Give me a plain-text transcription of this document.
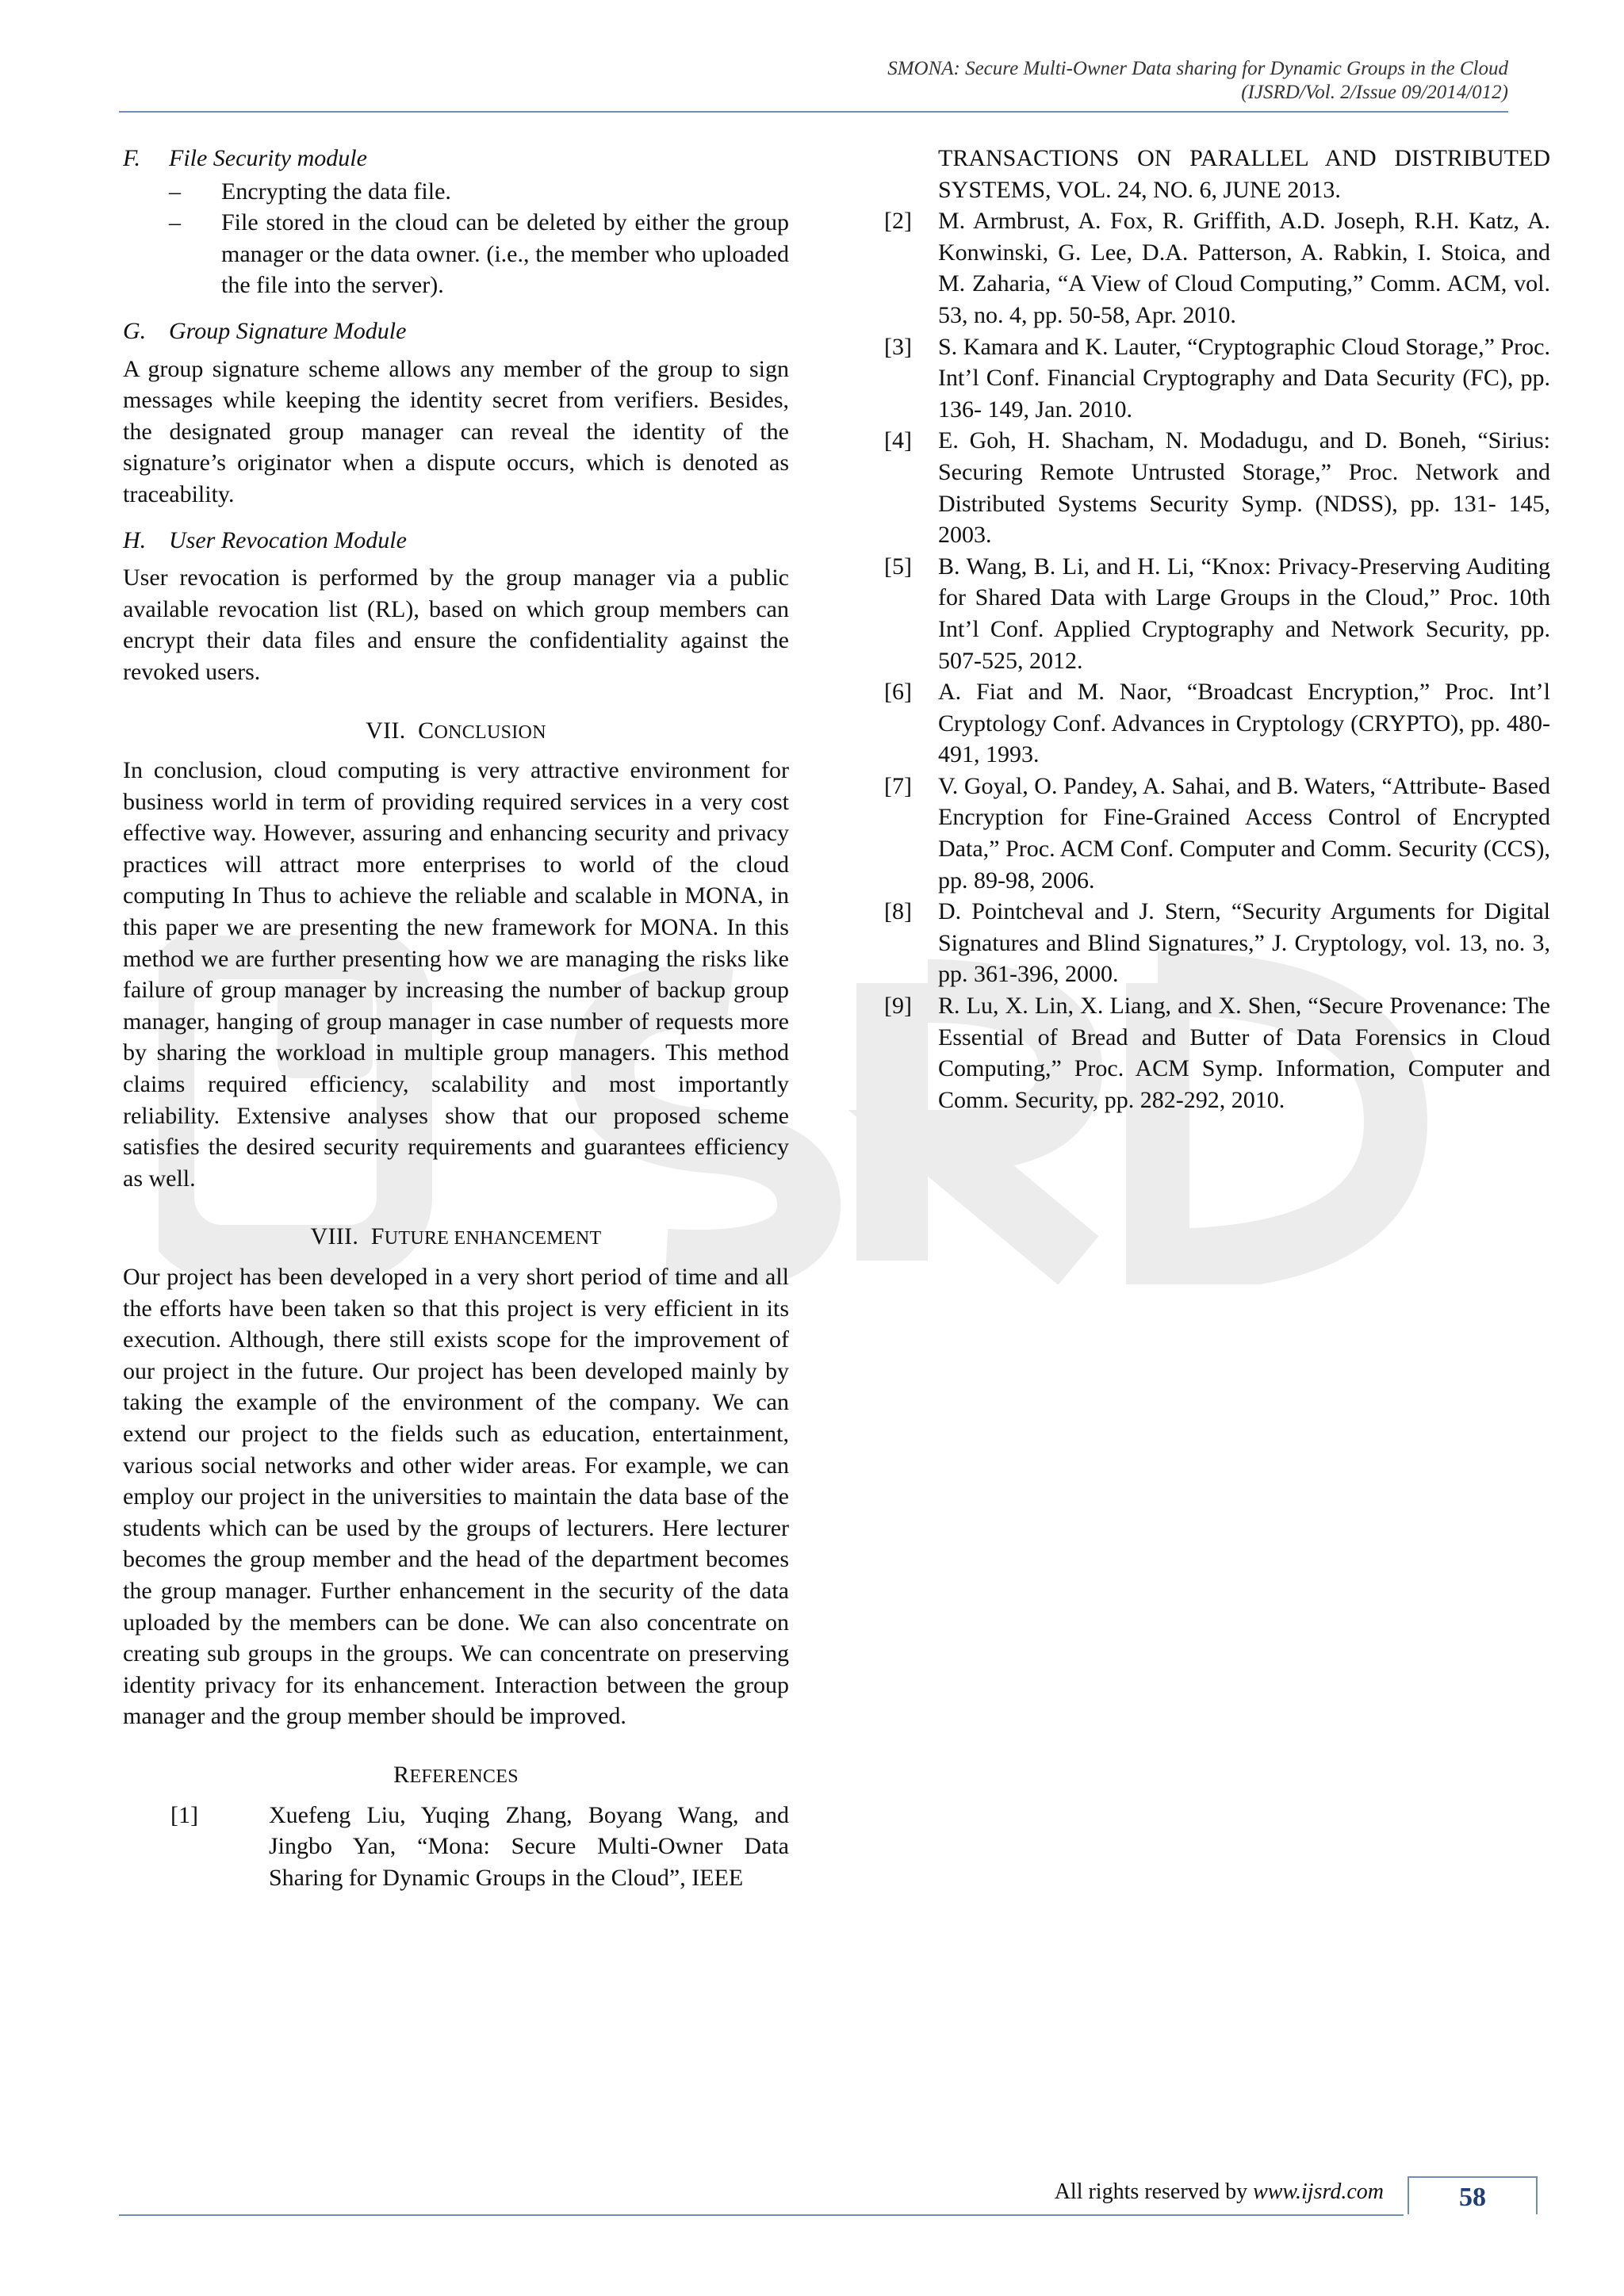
SMONA: Secure Multi-Owner Data sharing for Dynamic Groups in the Cloud
(IJSRD/Vol. 2/Issue 09/2014/012)
F.	File Security module
–	Encrypting the data file.
–	File stored in the cloud can be deleted by either the group manager or the data owner. (i.e., the member who uploaded the file into the server).
G. Group Signature Module

A group signature scheme allows any member of the group to sign messages while keeping the identity secret from verifiers. Besides, the designated group manager can reveal the identity of the signature’s originator when a dispute occurs, which is denoted as traceability.

H. User Revocation Module

User revocation is performed by the group manager via a public available revocation list (RL), based on which group members can encrypt their data files and ensure the confidentiality against the revoked users.

VII. CONCLUSION

In conclusion, cloud computing is very attractive environment for business world in term of providing required services in a very cost effective way. However, assuring and enhancing security and privacy practices will attract more enterprises to world of the cloud computing In Thus to achieve the reliable and scalable in MONA, in this paper we are presenting the new framework for MONA. In this method we are further presenting how we are managing the risks like failure of group manager by increasing the number of backup group manager, hanging of group manager in case number of requests more by sharing the workload in multiple group managers. This method claims required efficiency, scalability and most importantly reliability. Extensive analyses show that our proposed scheme satisfies the desired security requirements and guarantees efficiency as well.

VIII. FUTURE ENHANCEMENT

Our project has been developed in a very short period of time and all the efforts have been taken so that this project is very efficient in its execution. Although, there still exists scope for the improvement of our project in the future. Our project has been developed mainly by taking the example of the environment of the company. We can extend our project to the fields such as education, entertainment, various social networks and other wider areas. For example, we can employ our project in the universities to maintain the data base of the students which can be used by the groups of lecturers. Here lecturer becomes the group member and the head of the department becomes the group manager. Further enhancement in the security of the data uploaded by the members can be done. We can also concentrate on creating sub groups in the groups. We can concentrate on preserving identity privacy for its enhancement. Interaction between the group manager and the group member should be improved.

REFERENCES
[1]	Xuefeng Liu, Yuqing Zhang, Boyang Wang, and Jingbo Yan, “Mona: Secure Multi-Owner Data Sharing for Dynamic Groups in the Cloud”, IEEE

TRANSACTIONS ON PARALLEL AND DISTRIBUTED SYSTEMS, VOL. 24, NO. 6, JUNE 2013.

[2]	M. Armbrust, A. Fox, R. Griffith, A.D. Joseph, R.H. Katz, A. Konwinski, G. Lee, D.A. Patterson, A. Rabkin, I. Stoica, and M. Zaharia, “A View of Cloud Computing,” Comm. ACM, vol. 53, no. 4, pp. 50-58, Apr. 2010.
[3]	S. Kamara and K. Lauter, “Cryptographic Cloud Storage,” Proc. Int’l Conf. Financial Cryptography and Data Security (FC), pp. 136- 149, Jan. 2010.
[4]	E. Goh, H. Shacham, N. Modadugu, and D. Boneh, “Sirius: Securing Remote Untrusted Storage,” Proc. Network and Distributed Systems Security Symp. (NDSS), pp. 131- 145, 2003.
[5]	B. Wang, B. Li, and H. Li, “Knox: Privacy-Preserving Auditing for Shared Data with Large Groups in the Cloud,” Proc. 10th Int’l Conf. Applied Cryptography and Network Security, pp. 507-525, 2012.
[6]	A. Fiat and M. Naor, “Broadcast Encryption,” Proc. Int’l Cryptology Conf. Advances in Cryptology (CRYPTO), pp. 480-491, 1993.
[7]	V. Goyal, O. Pandey, A. Sahai, and B. Waters, “Attribute- Based Encryption for Fine-Grained Access Control of Encrypted Data,” Proc. ACM Conf. Computer and Comm. Security (CCS), pp. 89-98, 2006.
[8]	D. Pointcheval and J. Stern, “Security Arguments for Digital Signatures and Blind Signatures,” J. Cryptology, vol. 13, no. 3, pp. 361-396, 2000.
[9]	R. Lu, X. Lin, X. Liang, and X. Shen, “Secure Provenance: The Essential of Bread and Butter of Data Forensics in Cloud Computing,” Proc. ACM Symp. Information, Computer and Comm. Security, pp. 282-292, 2010.
All rights reserved by www.ijsrd.com	58
